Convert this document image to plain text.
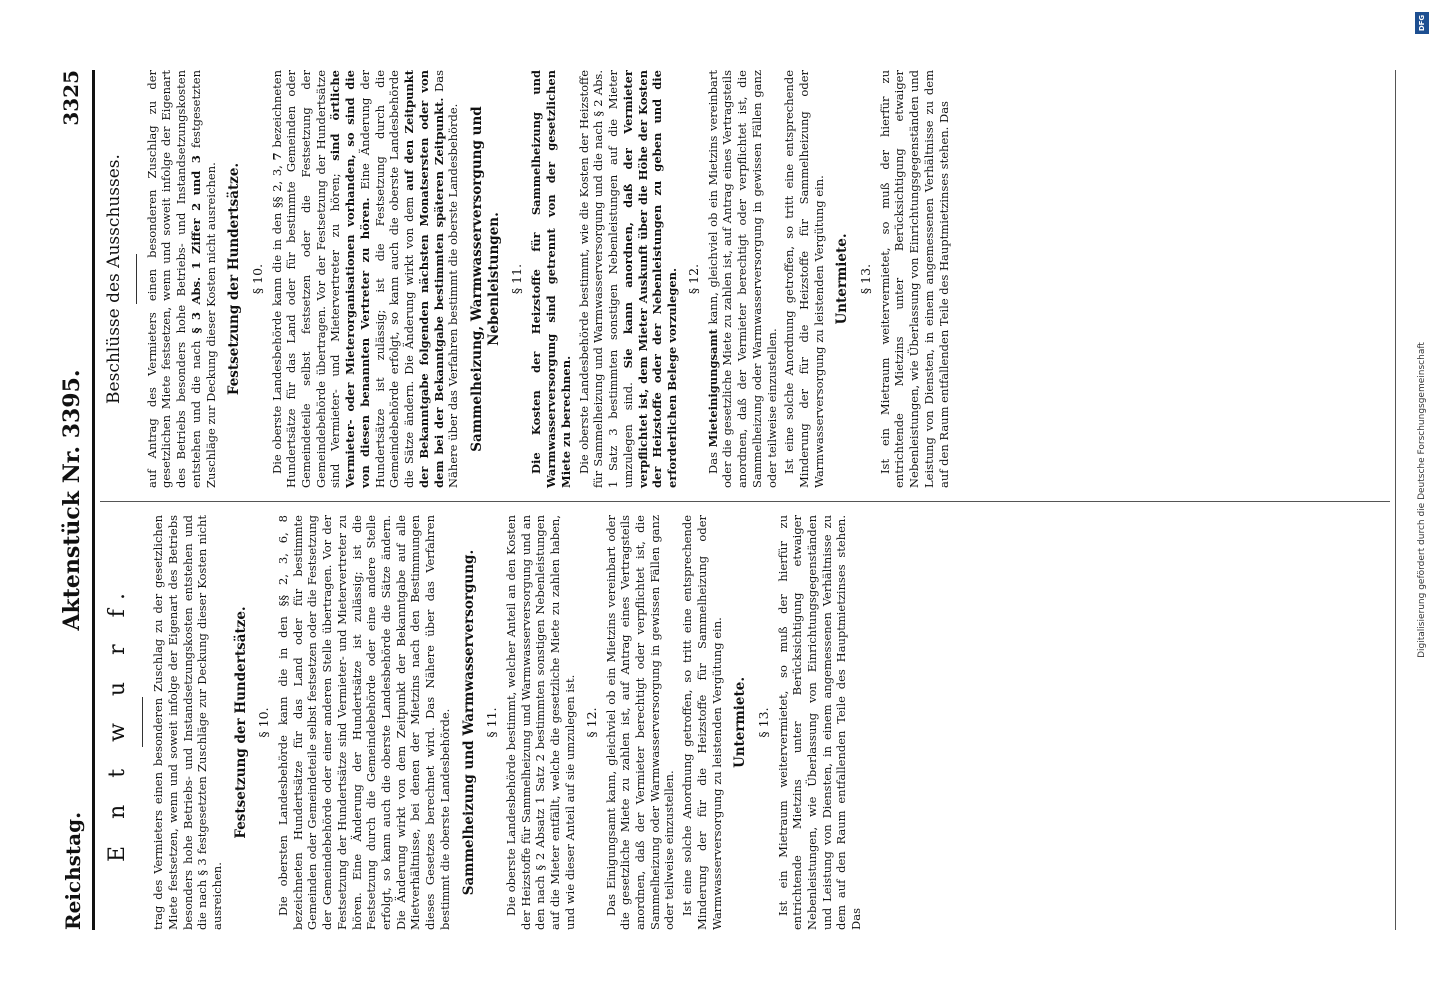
Reichstag.
Aktenstück Nr. 3395.
3325
E n t w u r f. trag des Vermieters einen besonderen Zuschlag zu der gesetzlichen Miete festsetzen, wenn und soweit infolge der Eigenart des Betriebs besonders hohe Betriebs- und Instandsetzungskosten entstehen und die nach § 3 festgesetzten Zuschläge zur Deckung dieser Kosten nicht ausreichen.

Festsetzung der Hundertsätze. § 10. Die obersten Landesbehörde kann die in den §§ 2, 3, 6, 8 bezeichneten Hundertsätze für das Land oder für bestimmte Gemeinden oder Gemeindeteile selbst festsetzen oder die Festsetzung der Gemeindebehörde oder einer anderen Stelle übertragen. Vor der Festsetzung der Hundertsätze sind Vermieter- und Mietervertreter zu hören. Eine Änderung der Hundertsätze ist zulässig; ist die Festsetzung durch die Gemeindebehörde oder eine andere Stelle erfolgt, so kann auch die oberste Landesbehörde die Sätze ändern. Die Änderung wirkt von dem Zeitpunkt der Bekanntgabe auf alle Mietverhältnisse, bei denen der Mietzins nach den Bestimmungen dieses Gesetzes berechnet wird. Das Nähere über das Verfahren bestimmt die oberste Landesbehörde. Sammelheizung und Warmwasserversorgung. § 11. Die oberste Landesbehörde bestimmt, welcher Anteil an den Kosten der Heizstoffe für Sammelheizung und Warmwasserversorgung und an den nach § 2 Absatz 1 Satz 2 bestimmten sonstigen Nebenleistungen auf die Mieter entfällt, welche die gesetzliche Miete zu zahlen haben, und wie dieser Anteil auf sie umzulegen ist. § 12. Das Einigungsamt kann, gleichviel ob ein Mietzins vereinbart oder die gesetzliche Miete zu zahlen ist, auf Antrag eines Vertragsteils anordnen, daß der Vermieter berechtigt oder verpflichtet ist, die Sammelheizung oder Warmwasserversorgung in gewissen Fällen ganz oder teilweise einzustellen. Ist eine solche Anordnung getroffen, so tritt eine entsprechende Minderung der für die Heizstoffe für Sammelheizung oder Warmwasserversorgung zu leistenden Vergütung ein. Untermiete. § 13. Ist ein Mietraum weitervermietet, so muß der hierfür zu entrichtende Mietzins unter Berücksichtigung etwaiger Nebenleistungen, wie Überlassung von Einrichtungsgegenständen und Leistung von Diensten, in einem angemessenen Verhältnisse zu dem auf den Raum entfallenden Teile des Hauptmietzinses stehen. Das

Beschlüsse des Ausschusses. auf Antrag des Vermieters einen besonderen Zuschlag zu der gesetzlichen Miete festsetzen, wenn und soweit infolge der Eigenart des Betriebs besonders hohe Betriebs- und Instandsetzungskosten entstehen und die nach § 3 Abs. 1 Ziffer 2 und 3 festgesetzten Zuschläge zur Deckung dieser Kosten nicht ausreichen. Festsetzung der Hundertsätze. § 10. Die oberste Landesbehörde kann die in den §§ 2, 3, 7 bezeichneten Hundertsätze für das Land oder für bestimmte Gemeinden oder Gemeindeteile selbst festsetzen oder die Festsetzung der Gemeindebehörde übertragen. Vor der Festsetzung der Hundertsätze sind Vermieter- und Mietervertreter zu hören; sind örtliche Vermieter- oder Mieterorganisationen vorhanden, so sind die von diesen benannten Vertreter zu hören. Eine Änderung der Hundertsätze ist zulässig; ist die Festsetzung durch die Gemeindebehörde erfolgt, so kann auch die oberste Landesbehörde die Sätze ändern. Die Änderung wirkt von dem auf den Zeitpunkt der Bekanntgabe folgenden nächsten Monatsersten oder von dem bei der Bekanntgabe bestimmten späteren Zeitpunkt. Das Nähere über das Verfahren bestimmt die oberste Landesbehörde. Sammelheizung, Warmwasserversorgung und Nebenleistungen. § 11. Die Kosten der Heizstoffe für Sammelheizung und Warmwasserversorgung sind getrennt von der gesetzlichen Miete zu berechnen. Die oberste Landesbehörde bestimmt, wie die Kosten der Heizstoffe für Sammelheizung und Warmwasserversorgung und die nach § 2 Abs. 1 Satz 3 bestimmten sonstigen Nebenleistungen auf die Mieter umzulegen sind. Sie kann anordnen, daß der Vermieter verpflichtet ist, dem Mieter Auskunft über die Höhe der Kosten der Heizstoffe oder der Nebenleistungen zu geben und die erforderlichen Belege vorzulegen. § 12.

Das Mieteinigungsamt kann, gleichviel ob ein Mietzins vereinbart oder die gesetzliche Miete zu zahlen ist, auf Antrag eines Vertragsteils anordnen, daß der Vermieter berechtigt oder verpflichtet ist, die Sammelheizung oder Warmwasserversorgung in gewissen Fällen ganz oder teilweise einzustellen. Ist eine solche Anordnung getroffen, so tritt eine entsprechende Minderung der für die Heizstoffe für Sammelheizung oder Warmwasserversorgung zu leistenden Vergütung ein. Untermiete. § 13. Ist ein Mietraum weitervermietet, so muß der hierfür zu entrichtende Mietzins unter Berücksichtigung etwaiger Nebenleistungen, wie Überlassung von Einrichtungsgegenständen und Leistung von Diensten, in einem angemessenen Verhältnisse zu dem auf den Raum entfallenden Teile des Hauptmietzinses stehen. Das

Digitalisierung gefördert durch die Deutsche Forschungsgemeinschaft
DFG
